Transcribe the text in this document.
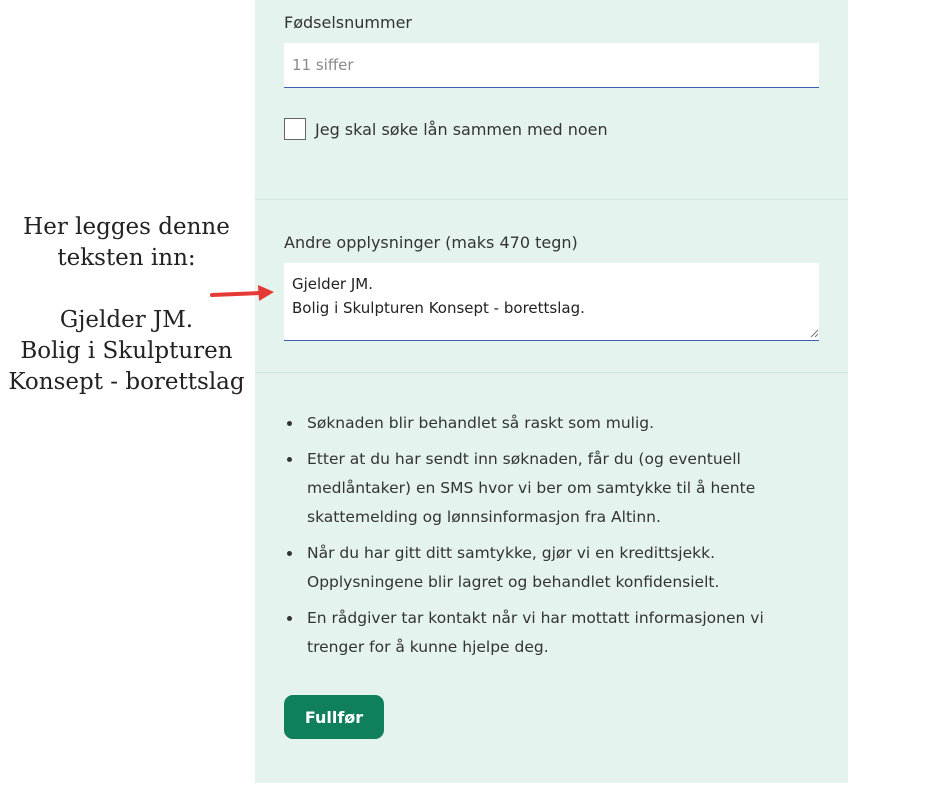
Fødselsnummer

11 siffer
Jeg skal søke lån sammen med noen

Andre opplysninger (maks 470 tegn)

Gjelder JM. Bolig i Skulpturen Konsept - borettslag.
Søknaden blir behandlet så raskt som mulig.
Etter at du har sendt inn søknaden, får du (og eventuell medlåntaker) en SMS hvor vi ber om samtykke til å hente skattemelding og lønnsinformasjon fra Altinn.
Når du har gitt ditt samtykke, gjør vi en kredittsjekk. Opplysningene blir lagret og behandlet konfidensielt.
En rådgiver tar kontakt når vi har mottatt informasjonen vi trenger for å kunne hjelpe deg.
Fullfør

Her legges denne

teksten inn:

Gjelder JM.

Bolig i Skulpturen

Konsept - borettslag
